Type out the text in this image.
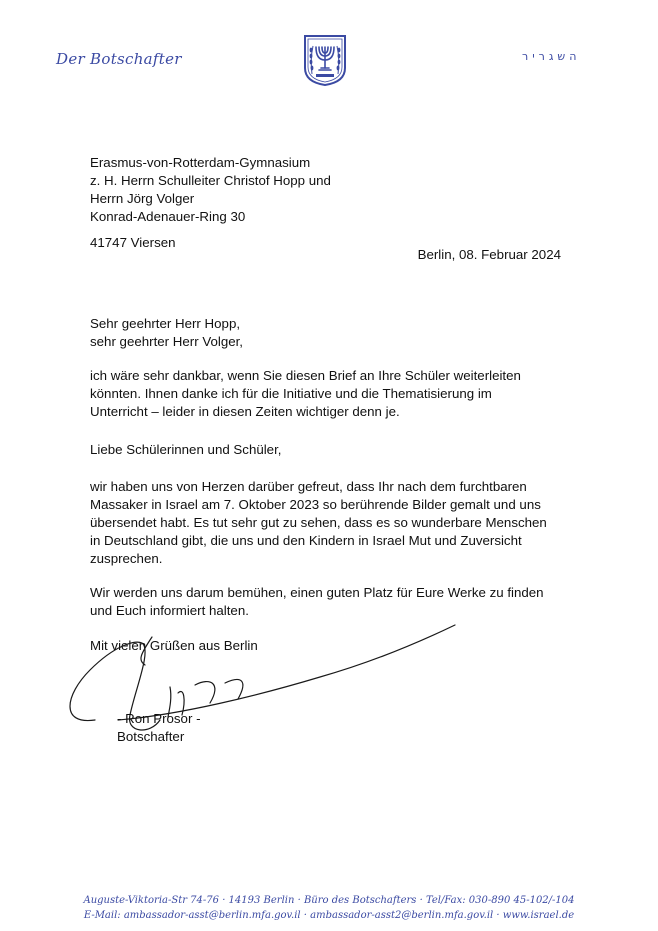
Der Botschafter	השגריר
Erasmus-von-Rotterdam-Gymnasium
z. H. Herrn Schulleiter Christof Hopp und
Herrn Jörg Volger
Konrad-Adenauer-Ring 30
41747 Viersen
Berlin, 08. Februar 2024
Sehr geehrter Herr Hopp,
sehr geehrter Herr Volger,
ich wäre sehr dankbar, wenn Sie diesen Brief an Ihre Schüler weiterleiten
könnten. Ihnen danke ich für die Initiative und die Thematisierung im
Unterricht – leider in diesen Zeiten wichtiger denn je.
Liebe Schülerinnen und Schüler,
wir haben uns von Herzen darüber gefreut, dass Ihr nach dem furchtbaren
Massaker in Israel am 7. Oktober 2023 so berührende Bilder gemalt und uns
übersendet habt. Es tut sehr gut zu sehen, dass es so wunderbare Menschen
in Deutschland gibt, die uns und den Kindern in Israel Mut und Zuversicht
zusprechen.
Wir werden uns darum bemühen, einen guten Platz für Eure Werke zu finden
und Euch informiert halten.
Mit vielen Grüßen aus Berlin
- Ron Prosor -
Botschafter
Auguste-Viktoria-Str 74-76 · 14193 Berlin · Büro des Botschafters · Tel/Fax: 030-890 45-102/-104
E-Mail: ambassador-asst@berlin.mfa.gov.il · ambassador-asst2@berlin.mfa.gov.il · www.israel.de
